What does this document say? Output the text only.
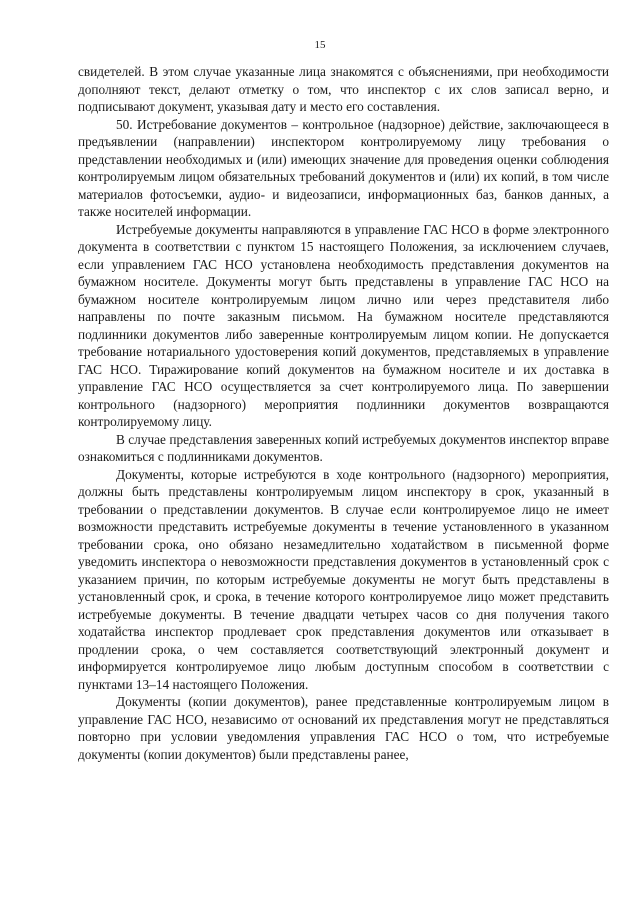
15

свидетелей. В этом случае указанные лица знакомятся с объяснениями, при необходимости дополняют текст, делают отметку о том, что инспектор с их слов записал верно, и подписывают документ, указывая дату и место его составления.

50. Истребование документов – контрольное (надзорное) действие, заключающееся в предъявлении (направлении) инспектором контролируемому лицу требования о представлении необходимых и (или) имеющих значение для проведения оценки соблюдения контролируемым лицом обязательных требований документов и (или) их копий, в том числе материалов фотосъемки, аудио- и видеозаписи, информационных баз, банков данных, а также носителей информации.

Истребуемые документы направляются в управление ГАС НСО в форме электронного документа в соответствии с пунктом 15 настоящего Положения, за исключением случаев, если управлением ГАС НСО установлена необходимость представления документов на бумажном носителе. Документы могут быть представлены в управление ГАС НСО на бумажном носителе контролируемым лицом лично или через представителя либо направлены по почте заказным письмом. На бумажном носителе представляются подлинники документов либо заверенные контролируемым лицом копии. Не допускается требование нотариального удостоверения копий документов, представляемых в управление ГАС НСО. Тиражирование копий документов на бумажном носителе и их доставка в управление ГАС НСО осуществляется за счет контролируемого лица. По завершении контрольного (надзорного) мероприятия подлинники документов возвращаются контролируемому лицу.

В случае представления заверенных копий истребуемых документов инспектор вправе ознакомиться с подлинниками документов.

Документы, которые истребуются в ходе контрольного (надзорного) мероприятия, должны быть представлены контролируемым лицом инспектору в срок, указанный в требовании о представлении документов. В случае если контролируемое лицо не имеет возможности представить истребуемые документы в течение установленного в указанном требовании срока, оно обязано незамедлительно ходатайством в письменной форме уведомить инспектора о невозможности представления документов в установленный срок с указанием причин, по которым истребуемые документы не могут быть представлены в установленный срок, и срока, в течение которого контролируемое лицо может представить истребуемые документы. В течение двадцати четырех часов со дня получения такого ходатайства инспектор продлевает срок представления документов или отказывает в продлении срока, о чем составляется соответствующий электронный документ и информируется контролируемое лицо любым доступным способом в соответствии с пунктами 13–14 настоящего Положения.

Документы (копии документов), ранее представленные контролируемым лицом в управление ГАС НСО, независимо от оснований их представления могут не представляться повторно при условии уведомления управления ГАС НСО о том, что истребуемые документы (копии документов) были представлены ранее,
